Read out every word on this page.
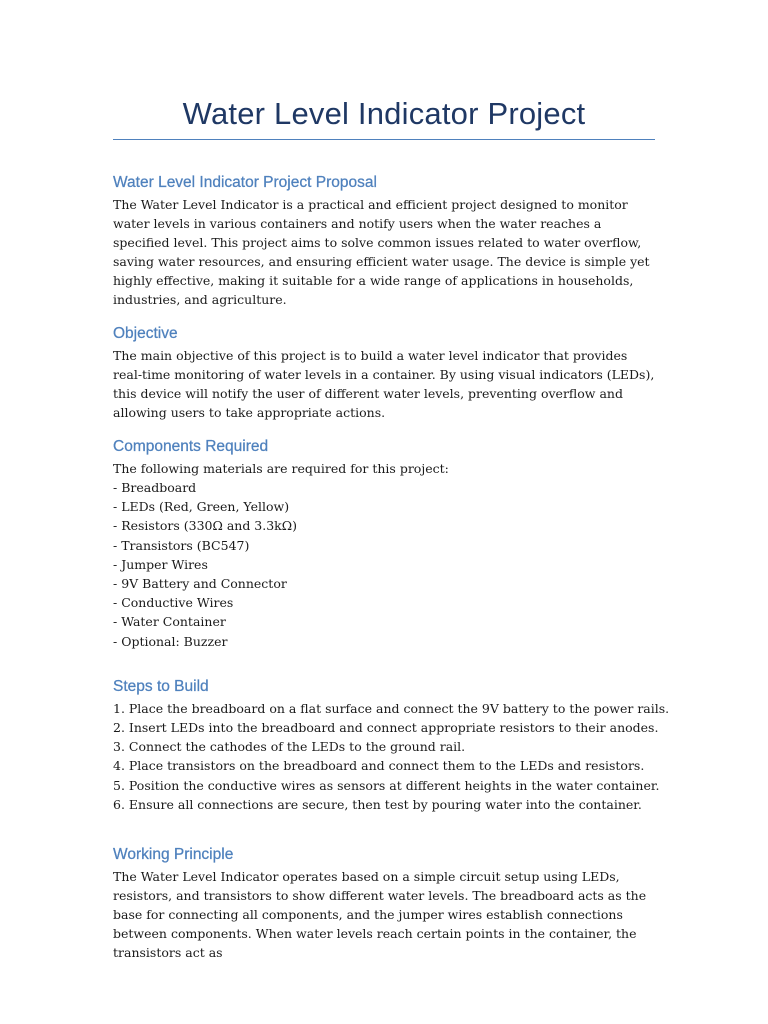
Water Level Indicator Project
Water Level Indicator Project Proposal

The Water Level Indicator is a practical and efficient project designed to monitor water levels in various containers and notify users when the water reaches a specified level. This project aims to solve common issues related to water overflow, saving water resources, and ensuring efficient water usage. The device is simple yet highly effective, making it suitable for a wide range of applications in households, industries, and agriculture.

Objective

The main objective of this project is to build a water level indicator that provides real-time monitoring of water levels in a container. By using visual indicators (LEDs), this device will notify the user of different water levels, preventing overflow and allowing users to take appropriate actions.

Components Required

The following materials are required for this project:

- Breadboard
- LEDs (Red, Green, Yellow)
- Resistors (330Ω and 3.3kΩ)
- Transistors (BC547)
- Jumper Wires
- 9V Battery and Connector
- Conductive Wires
- Water Container
- Optional: Buzzer
Steps to Build
1. Place the breadboard on a flat surface and connect the 9V battery to the power rails.
2. Insert LEDs into the breadboard and connect appropriate resistors to their anodes.
3. Connect the cathodes of the LEDs to the ground rail.
4. Place transistors on the breadboard and connect them to the LEDs and resistors.
5. Position the conductive wires as sensors at different heights in the water container.
6. Ensure all connections are secure, then test by pouring water into the container.
Working Principle

The Water Level Indicator operates based on a simple circuit setup using LEDs, resistors, and transistors to show different water levels. The breadboard acts as the base for connecting all components, and the jumper wires establish connections between components. When water levels reach certain points in the container, the transistors act as
